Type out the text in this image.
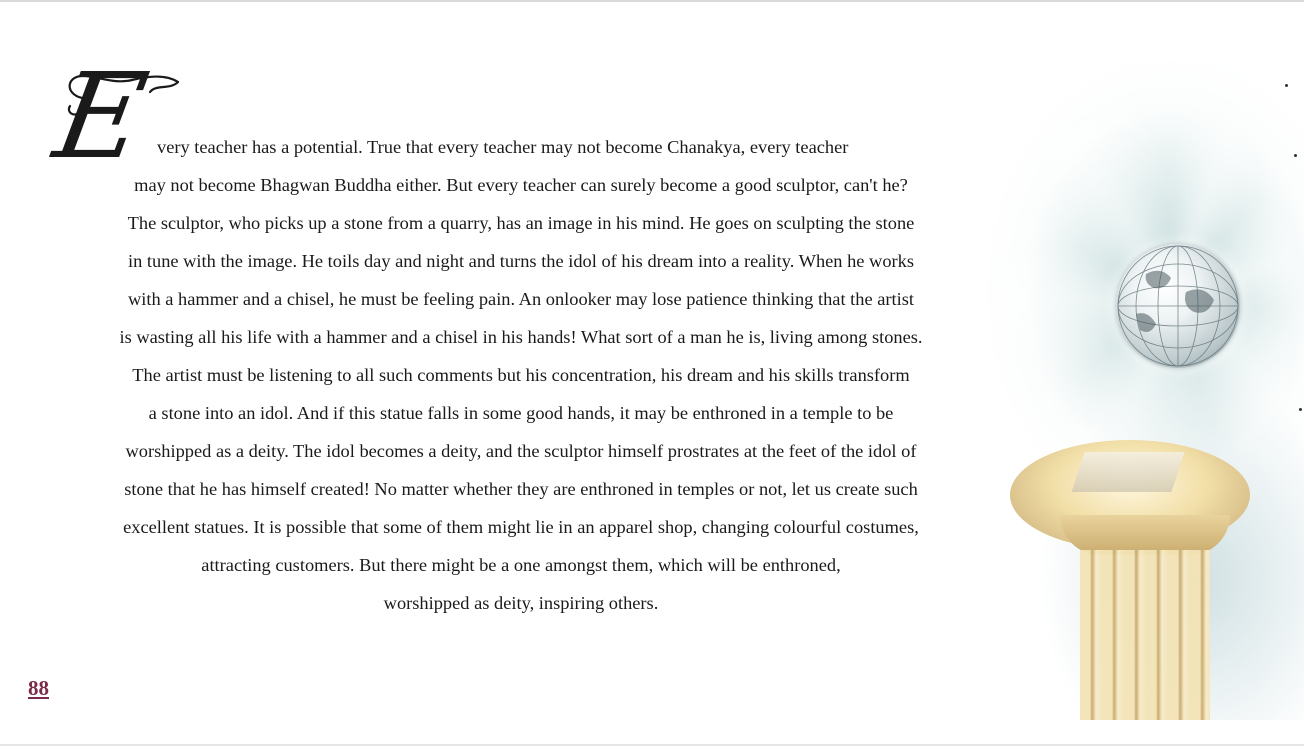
E very teacher has a potential. True that every teacher may not become Chanakya, every teacher
may not become Bhagwan Buddha either. But every teacher can surely become a good sculptor, can't he?
The sculptor, who picks up a stone from a quarry, has an image in his mind. He goes on sculpting the stone
in tune with the image. He toils day and night and turns the idol of his dream into a reality. When he works
with a hammer and a chisel, he must be feeling pain. An onlooker may lose patience thinking that the artist
is wasting all his life with a hammer and a chisel in his hands! What sort of a man he is, living among stones.
The artist must be listening to all such comments but his concentration, his dream and his skills transform
a stone into an idol. And if this statue falls in some good hands, it may be enthroned in a temple to be
worshipped as a deity. The idol becomes a deity, and the sculptor himself prostrates at the feet of the idol of
stone that he has himself created! No matter whether they are enthroned in temples or not, let us create such
excellent statues. It is possible that some of them might lie in an apparel shop, changing colourful costumes,
attracting customers. But there might be a one amongst them, which will be enthroned,
worshipped as deity, inspiring others.
88
